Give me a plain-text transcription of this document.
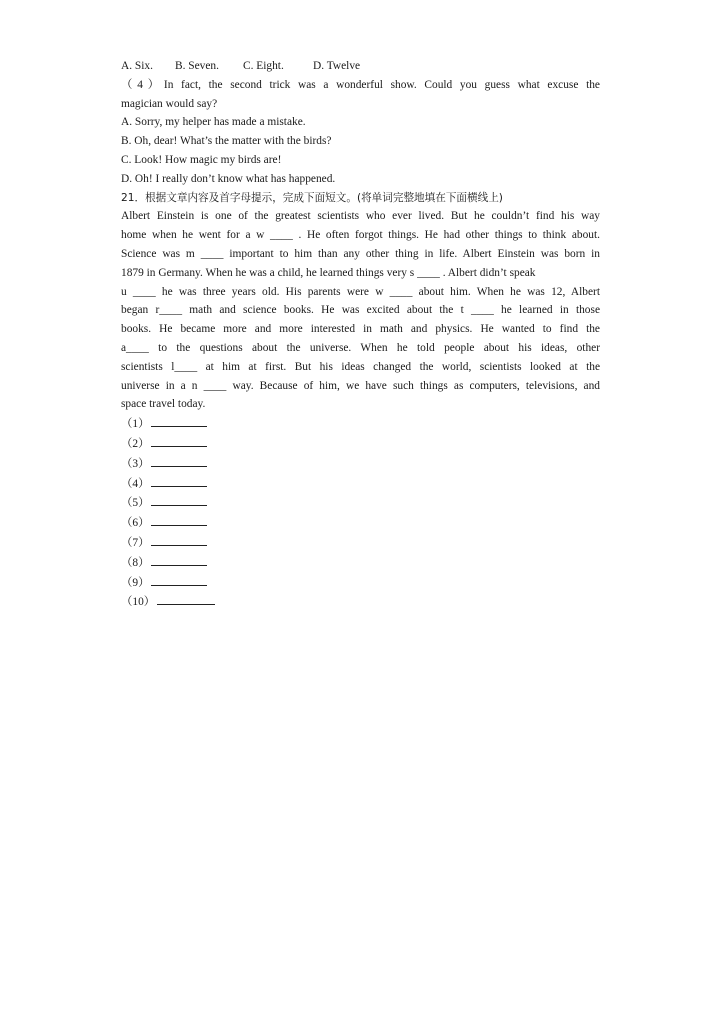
A. Six. B. Seven. C. Eight.	D. Twelve
（4）In fact, the second trick was a wonderful show. Could you guess what excuse the
magician would say?
A. Sorry, my helper has made a mistake.
B. Oh, dear! What’s the matter with the birds?
C. Look! How magic my birds are!
D. Oh! I really don’t know what has happened.
21．根据文章内容及首字母提示，完成下面短文。(将单词完整地填在下面横线上)
Albert Einstein is one of the greatest scientists who ever lived. But he couldn’t find his way
home when he went for a w ____ . He often forgot things. He had other things to think about.
Science was m ____ important to him than any other thing in life. Albert Einstein was born in
1879 in Germany. When he was a child, he learned things very s ____ . Albert didn’t speak
u ____ he was three years old. His parents were w ____ about him. When he was 12, Albert
began r____ math and science books. He was excited about the t ____ he learned in those
books. He became more and more interested in math and physics. He wanted to find the
a____ to the questions about the universe. When he told people about his ideas, other
scientists l____ at him at first. But his ideas changed the world, scientists looked at the
universe in a n ____ way. Because of him, we have such things as computers, televisions, and
space travel today.
（1）
（2）
（3）
（4）
（5）
（6）
（7）
（8）
（9）
（10）
